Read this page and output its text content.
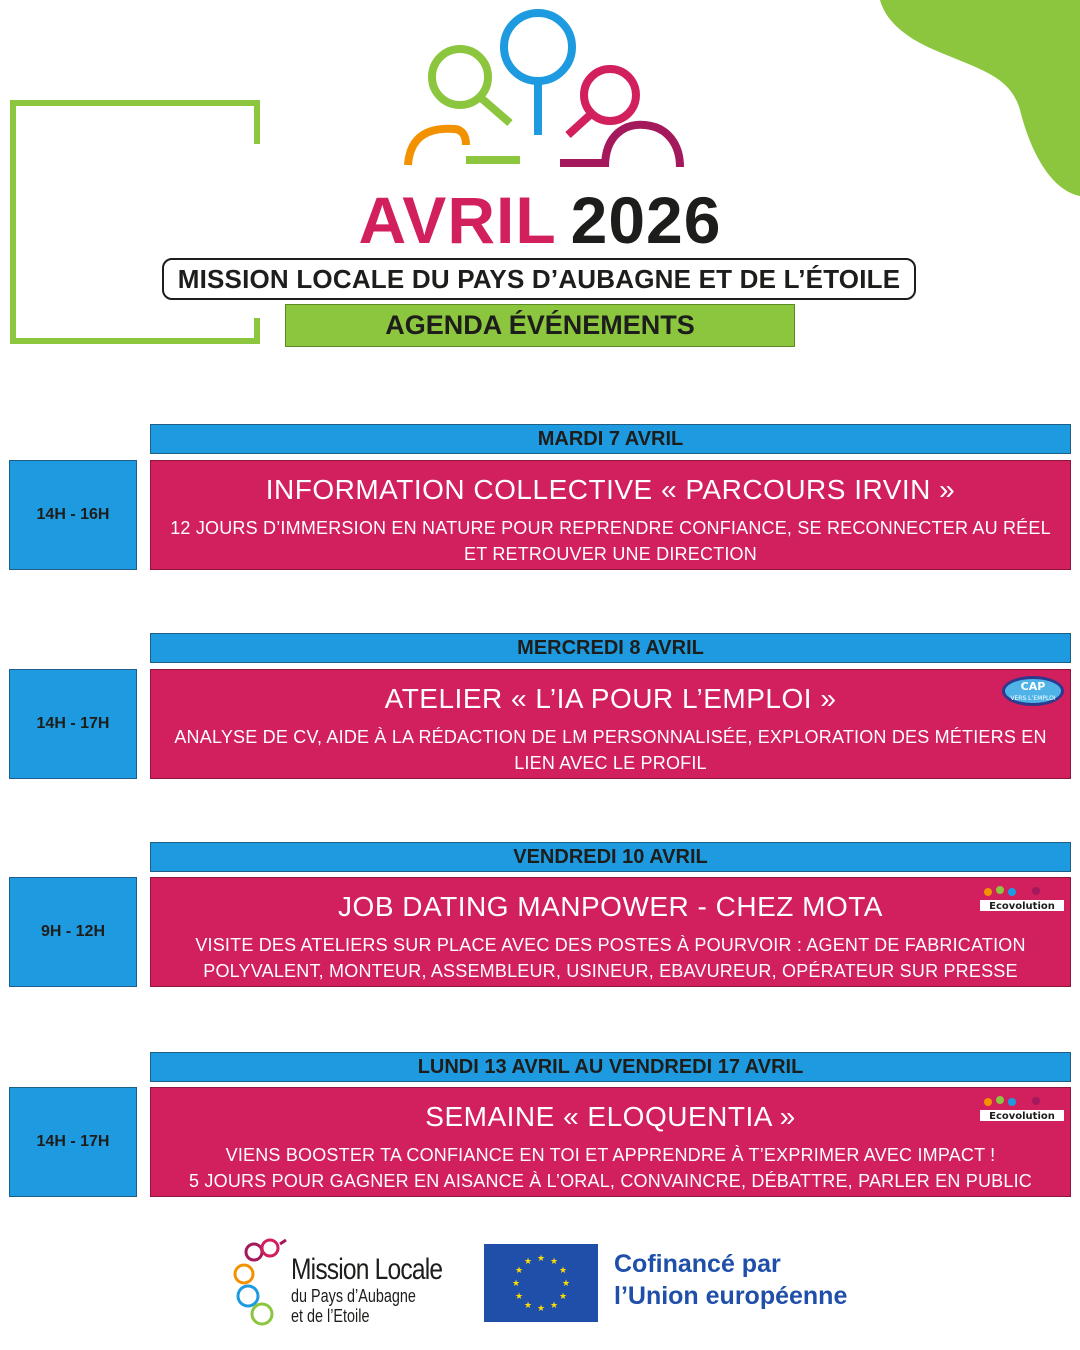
AVRIL 2026
MISSION LOCALE DU PAYS D’AUBAGNE ET DE L’ÉTOILE
AGENDA ÉVÉNEMENTS
MARDI 7 AVRIL
14H - 16H
INFORMATION COLLECTIVE « PARCOURS IRVIN »
12 JOURS D’IMMERSION EN NATURE POUR REPRENDRE CONFIANCE, SE RECONNECTER AU RÉEL ET RETROUVER UNE DIRECTION
MERCREDI 8 AVRIL
14H - 17H
ATELIER « L’IA POUR L’EMPLOI »
ANALYSE DE CV, AIDE À LA RÉDACTION DE LM PERSONNALISÉE, EXPLORATION DES MÉTIERS EN LIEN AVEC LE PROFIL
CAP
VERS L’EMPLOI
VENDREDI 10 AVRIL
9H - 12H
JOB DATING MANPOWER - CHEZ MOTA
VISITE DES ATELIERS SUR PLACE AVEC DES POSTES À POURVOIR : AGENT DE FABRICATION POLYVALENT, MONTEUR, ASSEMBLEUR, USINEUR, EBAVUREUR, OPÉRATEUR SUR PRESSE
Ecovolution
LUNDI 13 AVRIL AU VENDREDI 17 AVRIL
14H - 17H
SEMAINE « ELOQUENTIA »
VIENS BOOSTER TA CONFIANCE EN TOI ET APPRENDRE À T’EXPRIMER AVEC IMPACT !
5 JOURS POUR GAGNER EN AISANCE À L’ORAL, CONVAINCRE, DÉBATTRE, PARLER EN PUBLIC
Ecovolution
Mission Locale
du Pays d’Aubagne
et de l’Etoile
★ ★
★
★
★
★
★
★
★
★
★
★	Cofinancé par
l’Union européenne
